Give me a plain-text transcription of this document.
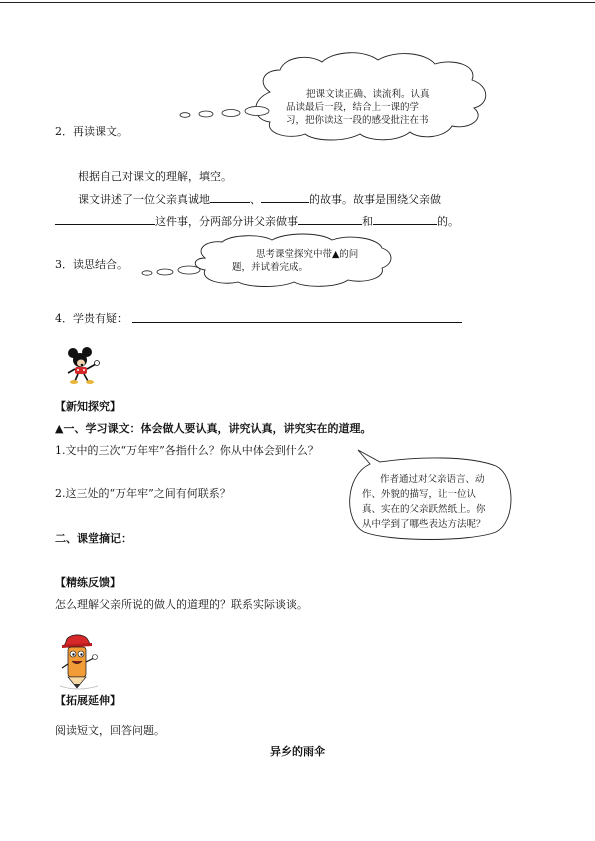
把课文读正确、读流利。认真
品读最后一段，结合上一课的学
习，把你读这一段的感受批注在书
2．再读课文。
根据自己对课文的理解，填空。
课文讲述了一位父亲真诚地	、	的故事。故事是围绕父亲做
这件事，分两部分讲父亲做事	和	的。
3．读思结合。
思考课堂探究中带▲的问
题，并试着完成。
4．学贵有疑：
【新知探究】
▲一、学习课文：体会做人要认真，讲究认真，讲究实在的道理。
1.文中的三次“万年牢”各指什么？你从中体会到什么？
2.这三处的“万年牢”之间有何联系？
作者通过对父亲语言、动
作、外貌的描写，让一位认
真、实在的父亲跃然纸上。你
从中学到了哪些表达方法呢？
二、课堂摘记：
【精练反馈】
怎么理解父亲所说的做人的道理的？联系实际谈谈。
【拓展延伸】
阅读短文，回答问题。
异乡的雨伞
